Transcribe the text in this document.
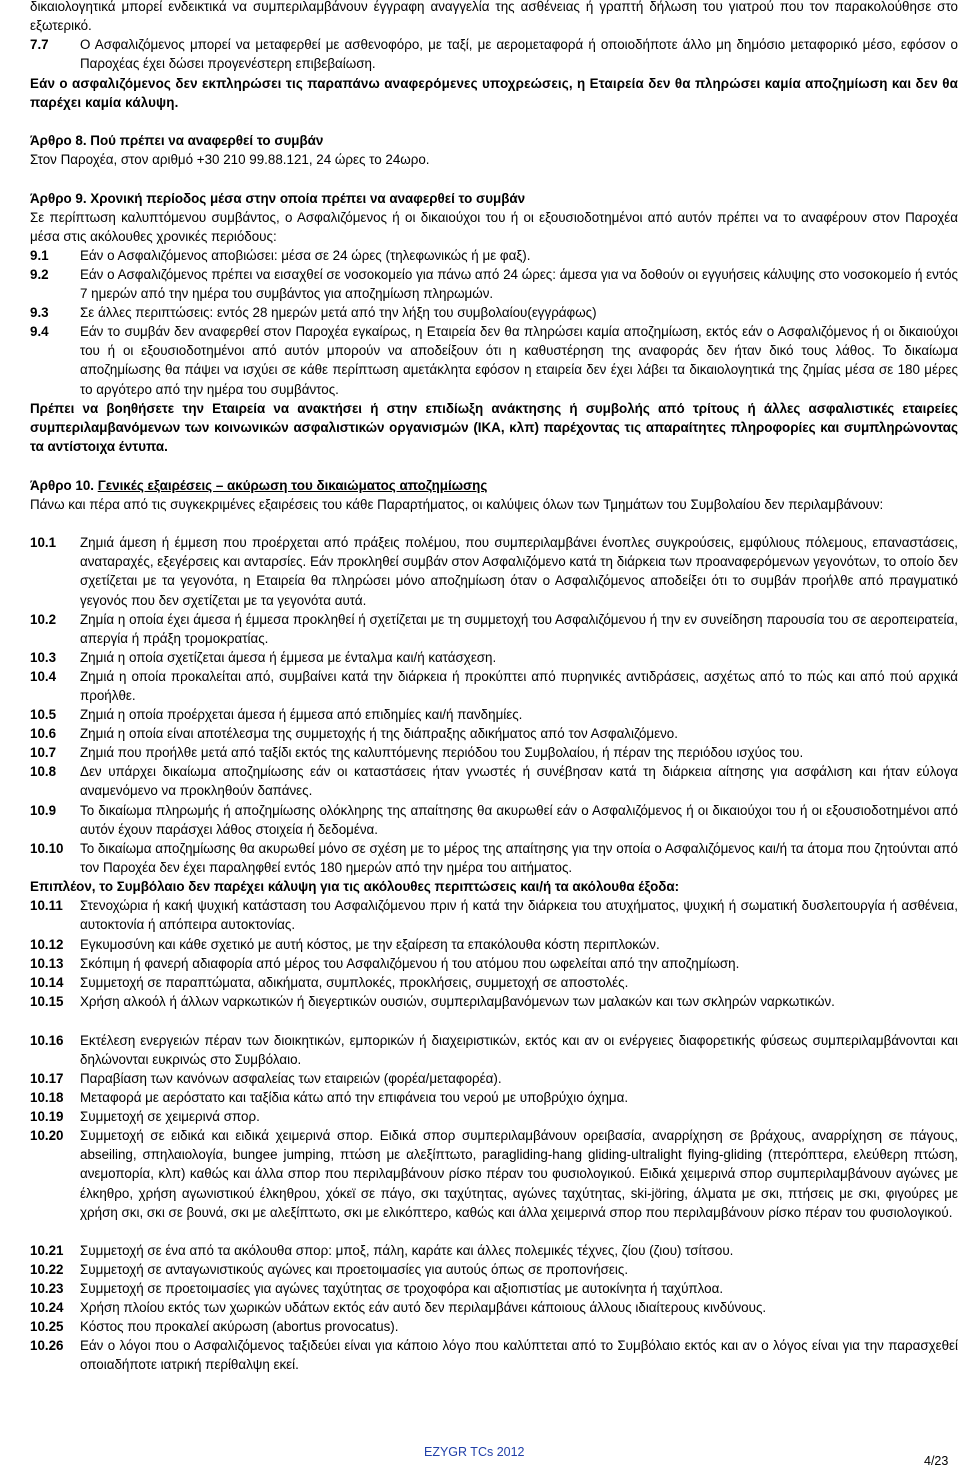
δικαιολογητικά μπορεί ενδεικτικά να συμπεριλαμβάνουν έγγραφη αναγγελία της ασθένειας ή γραπτή δήλωση του γιατρού που τον παρακολούθησε στο εξωτερικό.

7.7 Ο Ασφαλιζόμενος μπορεί να μεταφερθεί με ασθενοφόρο, με ταξί, με αεροµεταφορά ή οποιοδήποτε άλλο μη δημόσιο μεταφορικό μέσο, εφόσον ο Παροχέας έχει δώσει προγενέστερη επιβεβαίωση.

Εάν ο ασφαλιζόμενος δεν εκπληρώσει τις παραπάνω αναφερόμενες υποχρεώσεις, η Εταιρεία δεν θα πληρώσει καμία αποζημίωση και δεν θα παρέχει καμία κάλυψη.

Άρθρο 8. Πού πρέπει να αναφερθεί το συμβάν

Στον Παροχέα, στον αριθμό +30 210 99.88.121, 24 ώρες το 24ωρο.

Άρθρο 9. Χρονική περίοδος μέσα στην οποία πρέπει να αναφερθεί το συμβάν

Σε περίπτωση καλυπτόμενου συμβάντος, ο Ασφαλιζόμενος ή οι δικαιούχοι του ή οι εξουσιοδοτημένοι από αυτόν πρέπει να το αναφέρουν στον Παροχέα μέσα στις ακόλουθες χρονικές περιόδους:

9.1 Εάν ο Ασφαλιζόμενος αποβιώσει: μέσα σε 24 ώρες (τηλεφωνικώς ή με φαξ).

9.2 Εάν ο Ασφαλιζόμενος πρέπει να εισαχθεί σε νοσοκομείο για πάνω από 24 ώρες: άμεσα για να δοθούν οι εγγυήσεις κάλυψης στο νοσοκομείο ή εντός 7 ημερών από την ημέρα του συμβάντος για αποζημίωση πληρωμών.

9.3 Σε άλλες περιπτώσεις: εντός 28 ημερών μετά από την λήξη του συμβολαίου(εγγράφως)

9.4 Εάν το συμβάν δεν αναφερθεί στον Παροχέα εγκαίρως, η Εταιρεία δεν θα πληρώσει καμία αποζημίωση, εκτός εάν ο Ασφαλιζόμενος ή οι δικαιούχοι του ή οι εξουσιοδοτημένοι από αυτόν μπορούν να αποδείξουν ότι η καθυστέρηση της αναφοράς δεν ήταν δικό τους λάθος. Το δικαίωμα αποζημίωσης θα πάψει να ισχύει σε κάθε περίπτωση αμετάκλητα εφόσον η εταιρεία δεν έχει λάβει τα δικαιολογητικά της ζημίας μέσα σε 180 μέρες το αργότερο από την ημέρα του συμβάντος.

Πρέπει να βοηθήσετε την Εταιρεία να ανακτήσει ή στην επιδίωξη ανάκτησης ή συμβολής από τρίτους ή άλλες ασφαλιστικές εταιρείες συμπεριλαμβανόμενων των κοινωνικών ασφαλιστικών οργανισμών (ΙΚΑ, κλπ) παρέχοντας τις απαραίτητες πληροφορίες και συμπληρώνοντας τα αντίστοιχα έντυπα.

Άρθρο 10. Γενικές εξαιρέσεις – ακύρωση του δικαιώματος αποζημίωσης

Πάνω και πέρα από τις συγκεκριμένες εξαιρέσεις του κάθε Παραρτήματος, οι καλύψεις όλων των Τμημάτων του Συμβολαίου δεν περιλαμβάνουν:

10.1 Ζημιά άμεση ή έμμεση που προέρχεται από πράξεις πολέμου, που συμπεριλαμβάνει ένοπλες συγκρούσεις, εμφύλιους πόλεμους, επαναστάσεις, αναταραχές, εξεγέρσεις και ανταρσίες. Εάν προκληθεί συμβάν στον Ασφαλιζόμενο κατά τη διάρκεια των προαναφερόμενων γεγονότων, το οποίο δεν σχετίζεται με τα γεγονότα, η Εταιρεία θα πληρώσει μόνο αποζημίωση όταν ο Ασφαλιζόμενος αποδείξει ότι το συμβάν προήλθε από πραγματικό γεγονός που δεν σχετίζεται με τα γεγονότα αυτά.

10.2 Ζημία η οποία έχει άμεσα ή έμμεσα προκληθεί ή σχετίζεται με τη συμμετοχή του Ασφαλιζόμενου ή την εν συνείδηση παρουσία του σε αεροπειρατεία, απεργία ή πράξη τρομοκρατίας.

10.3 Ζημιά η οποία σχετίζεται άμεσα ή έμμεσα με ένταλμα και/ή κατάσχεση.

10.4 Ζημιά η οποία προκαλείται από, συμβαίνει κατά την διάρκεια ή προκύπτει από πυρηνικές αντιδράσεις, ασχέτως από το πώς και από πού αρχικά προήλθε.

10.5 Ζημιά η οποία προέρχεται άμεσα ή έμμεσα από επιδημίες και/ή πανδημίες.

10.6 Ζημιά η οποία είναι αποτέλεσμα της συμμετοχής ή της διάπραξης αδικήματος από τον Ασφαλιζόμενο.

10.7 Ζημιά που προήλθε μετά από ταξίδι εκτός της καλυπτόμενης περιόδου του Συμβολαίου, ή πέραν της περιόδου ισχύος του.

10.8 Δεν υπάρχει δικαίωμα αποζημίωσης εάν οι καταστάσεις ήταν γνωστές ή συνέβησαν κατά τη διάρκεια αίτησης για ασφάλιση και ήταν εύλογα αναμενόμενο να προκληθούν δαπάνες.

10.9 Το δικαίωμα πληρωμής ή αποζημίωσης ολόκληρης της απαίτησης θα ακυρωθεί εάν ο Ασφαλιζόμενος ή οι δικαιούχοι του ή οι εξουσιοδοτημένοι από αυτόν έχουν παράσχει λάθος στοιχεία ή δεδομένα.

10.10 Το δικαίωμα αποζημίωσης θα ακυρωθεί μόνο σε σχέση με το μέρος της απαίτησης για την οποία ο Ασφαλιζόμενος και/ή τα άτομα που ζητούνται από τον Παροχέα δεν έχει παραληφθεί εντός 180 ημερών από την ημέρα του αιτήματος.

Επιπλέον, το Συμβόλαιο δεν παρέχει κάλυψη για τις ακόλουθες περιπτώσεις και/ή τα ακόλουθα έξοδα:

10.11 Στενοχώρια ή κακή ψυχική κατάσταση του Ασφαλιζόμενου πριν ή κατά την διάρκεια του ατυχήματος, ψυχική ή σωματική δυσλειτουργία ή ασθένεια, αυτοκτονία ή απόπειρα αυτοκτονίας.

10.12 Εγκυμοσύνη και κάθε σχετικό με αυτή κόστος, με την εξαίρεση τα επακόλουθα κόστη περιπλοκών.

10.13 Σκόπιμη ή φανερή αδιαφορία από μέρος του Ασφαλιζόμενου ή του ατόμου που ωφελείται από την αποζημίωση.

10.14 Συμμετοχή σε παραπτώματα, αδικήματα, συμπλοκές, προκλήσεις, συμμετοχή σε αποστολές.

10.15 Χρήση αλκοόλ ή άλλων ναρκωτικών ή διεγερτικών ουσιών, συμπεριλαμβανόμενων των μαλακών και των σκληρών ναρκωτικών.

10.16 Εκτέλεση ενεργειών πέραν των διοικητικών, εμπορικών ή διαχειριστικών, εκτός και αν οι ενέργειες διαφορετικής φύσεως συμπεριλαμβάνονται και δηλώνονται ευκρινώς στο Συμβόλαιο.

10.17 Παραβίαση των κανόνων ασφαλείας των εταιρειών (φορέα/μεταφορέα).

10.18 Μεταφορά με αερόστατο και ταξίδια κάτω από την επιφάνεια του νερού με υποβρύχιο όχημα.

10.19 Συμμετοχή σε χειμερινά σπορ.

10.20 Συμμετοχή σε ειδικά και ειδικά χειμερινά σπορ. Ειδικά σπορ συμπεριλαμβάνουν ορειβασία, αναρρίχηση σε βράχους, αναρρίχηση σε πάγους, abseiling, σπηλαιολογία, bungee jumping, πτώση με αλεξίπτωτο, paragliding-hang gliding-ultralight flying-gliding (πτερόπτερα, ελεύθερη πτώση, ανεμοπορία, κλπ) καθώς και άλλα σπορ που περιλαμβάνουν ρίσκο πέραν του φυσιολογικού. Ειδικά χειμερινά σπορ συμπεριλαμβάνουν αγώνες με έλκηθρο, χρήση αγωνιστικού έλκηθρου, χόκεϊ σε πάγο, σκι ταχύτητας, αγώνες ταχύτητας, ski-jöring, άλματα με σκι, πτήσεις με σκι, φιγούρες με χρήση σκι, σκι σε βουνά, σκι με αλεξίπτωτο, σκι με ελικόπτερο, καθώς και άλλα χειμερινά σπορ που περιλαμβάνουν ρίσκο πέραν του φυσιολογικού.

10.21 Συμμετοχή σε ένα από τα ακόλουθα σπορ: μποξ, πάλη, καράτε και άλλες πολεμικές τέχνες, ζίου (ζιου) τσίτσου.

10.22 Συμμετοχή σε ανταγωνιστικούς αγώνες και προετοιμασίες για αυτούς όπως σε προπονήσεις.

10.23 Συμμετοχή σε προετοιμασίες για αγώνες ταχύτητας σε τροχοφόρα και αξιοπιστίας με αυτοκίνητα ή ταχύπλοα.

10.24 Χρήση πλοίου εκτός των χωρικών υδάτων εκτός εάν αυτό δεν περιλαμβάνει κάποιους άλλους ιδιαίτερους κινδύνους.

10.25 Κόστος που προκαλεί ακύρωση (abortus provocatus).

10.26 Εάν ο λόγοι που ο Ασφαλιζόμενος ταξιδεύει είναι για κάποιο λόγο που καλύπτεται από το Συμβόλαιο εκτός και αν ο λόγος είναι για την παρασχεθεί οποιαδήποτε ιατρική περίθαλψη εκεί.

EZYGR TCs 2012
4/23
